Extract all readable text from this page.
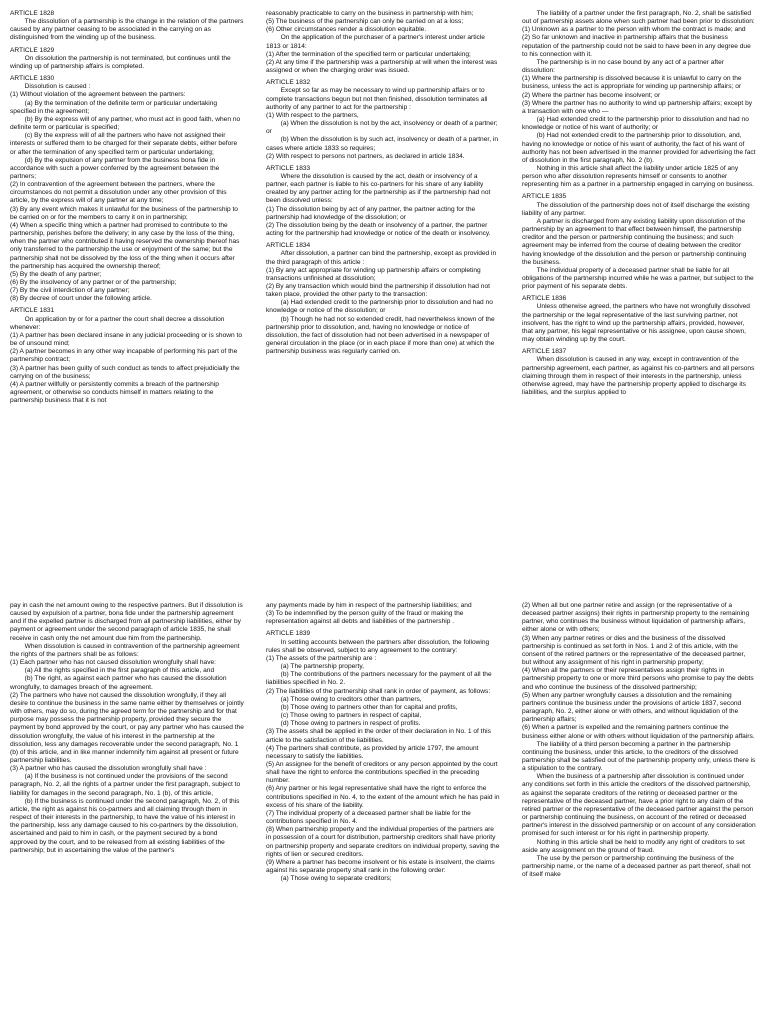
ARTICLE 1828

The dissolution of a partnership is the change in the relation of the partners caused by any partner ceasing to be associated in the carrying on as distinguished from the winding up of the business.

ARTICLE 1829

On dissolution the partnership is not terminated, but continues until the winding up of partnership affairs is completed.

ARTICLE 1830

Dissolution is caused :

(1) Without violation of the agreement between the partners:

(a) By the termination of the definite term or particular undertaking specified in the agreement;

(b) By the express will of any partner, who must act in good faith, when no definite term or particular is specified;

(c) By the express will of all the partners who have not assigned their interests or suffered them to be charged for their separate debts, either before or after the termination of any specified term or particular undertaking;

(d) By the expulsion of any partner from the business bona fide in accordance with such a power conferred by the agreement between the partners;

(2) In contravention of the agreement between the partners, where the circumstances do not permit a dissolution under any other provision of this article, by the express will of any partner at any time;

(3) By any event which makes it unlawful for the business of the partnership to be carried on or for the members to carry it on in partnership;

(4) When a specific thing which a partner had promised to contribute to the partnership, perishes before the delivery; in any case by the loss of the thing, when the partner who contributed it having reserved the ownership thereof has only transferred to the partnership the use or enjoyment of the same; but the partnership shall not be dissolved by the loss of the thing when it occurs after the partnership has acquired the ownership thereof;

(5) By the death of any partner;

(6) By the insolvency of any partner or of the partnership;

(7) By the civil interdiction of any partner;

(8) By decree of court under the following article.

ARTICLE 1831

On application by or for a partner the court shall decree a dissolution whenever:

(1) A partner has been declared insane in any judicial proceeding or is shown to be of unsound mind;

(2) A partner becomes in any other way incapable of performing his part of the partnership contract;

(3) A partner has been guilty of such conduct as tends to affect prejudicially the carrying on of the business;

(4) A partner willfully or persistently commits a breach of the partnership agreement, or otherwise so conducts himself in matters relating to the partnership business that it is not

reasonably practicable to carry on the business in partnership with him;

(5) The business of the partnership can only be carried on at a loss;

(6) Other circumstances render a dissolution equitable.

On the application of the purchaser of a partner's interest under article 1813 or 1814:

(1) After the termination of the specified term or particular undertaking;

(2) At any time if the partnership was a partnership at will when the interest was assigned or when the charging order was issued.

ARTICLE 1832

Except so far as may be necessary to wind up partnership affairs or to complete transactions begun but not then finished, dissolution terminates all authority of any partner to act for the partnership :

(1) With respect to the partners,

(a) When the dissolution is not by the act, insolvency or death of a partner; or

(b) When the dissolution is by such act, insolvency or death of a partner, in cases where article 1833 so requires;

(2) With respect to persons not partners, as declared in article 1834.

ARTICLE 1833

Where the dissolution is caused by the act, death or insolvency of a partner, each partner is liable to his co-partners for his share of any liability created by any partner acting for the partnership as if the partnership had not been dissolved unless:

(1) The dissolution being by act of any partner, the partner acting for the partnership had knowledge of the dissolution; or

(2) The dissolution being by the death or insolvency of a partner, the partner acting for the partnership had knowledge or notice of the death or insolvency.

ARTICLE 1834

After dissolution, a partner can bind the partnership, except as provided in the third paragraph of this article :

(1) By any act appropriate for winding up partnership affairs or completing transactions unfinished at dissolution;

(2) By any transaction which would bind the partnership if dissolution had not taken place, provided the other party to the transaction:

(a) Had extended credit to the partnership prior to dissolution and had no knowledge or notice of the dissolution; or

(b) Though he had not so extended credit, had nevertheless known of the partnership prior to dissolution, and, having no knowledge or notice of dissolution, the fact of dissolution had not been advertised in a newspaper of general circulation in the place (or in each place if more than one) at which the partnership business was regularly carried on.

The liability of a partner under the first paragraph, No. 2, shall be satisfied out of partnership assets alone when such partner had been prior to dissolution:

(1) Unknown as a partner to the person with whom the contract is made; and

(2) So far unknown and inactive in partnership affairs that the business reputation of the partnership could not be said to have been in any degree due to his connection with it.

The partnership is in no case bound by any act of a partner after dissolution:

(1) Where the partnership is dissolved because it is unlawful to carry on the business, unless the act is appropriate for winding up partnership affairs; or

(2) Where the partner has become insolvent; or

(3) Where the partner has no authority to wind up partnership affairs; except by a transaction with one who —

(a) Had extended credit to the partnership prior to dissolution and had no knowledge or notice of his want of authority; or

(b) Had not extended credit to the partnership prior to dissolution, and, having no knowledge or notice of his want of authority, the fact of his want of authority has not been advertised in the manner provided for advertising the fact of dissolution in the first paragraph, No. 2 (b).

Nothing in this article shall affect the liability under article 1825 of any person who after dissolution represents himself or consents to another representing him as a partner in a partnership engaged in carrying on business.

ARTICLE 1835

The dissolution of the partnership does not of itself discharge the existing liability of any partner.

A partner is discharged from any existing liability upon dissolution of the partnership by an agreement to that effect between himself, the partnership creditor and the person or partnership continuing the business; and such agreement may be inferred from the course of dealing between the creditor having knowledge of the dissolution and the person or partnership continuing the business.

The individual property of a deceased partner shall be liable for all obligations of the partnership incurred while he was a partner, but subject to the prior payment of his separate debts.

ARTICLE 1836

Unless otherwise agreed, the partners who have not wrongfully dissolved the partnership or the legal representative of the last surviving partner, not insolvent, has the right to wind up the partnership affairs, provided, however, that any partner, his legal representative or his assignee, upon cause shown, may obtain winding up by the court.

ARTICLE 1837

When dissolution is caused in any way, except in contravention of the partnership agreement, each partner, as against his co-partners and all persons claiming through them in respect of their interests in the partnership, unless otherwise agreed, may have the partnership property applied to discharge its liabilities, and the surplus applied to

pay in cash the net amount owing to the respective partners. But if dissolution is caused by expulsion of a partner, bona fide under the partnership agreement and if the expelled partner is discharged from all partnership liabilities, either by payment or agreement under the second paragraph of article 1835, he shall receive in cash only the net amount due him from the partnership.

When dissolution is caused in contravention of the partnership agreement the rights of the partners shall be as follows:

(1) Each partner who has not caused dissolution wrongfully shall have:

(a) All the rights specified in the first paragraph of this article, and

(b) The right, as against each partner who has caused the dissolution wrongfully, to damages breach of the agreement.

(2) The partners who have not caused the dissolution wrongfully, if they all desire to continue the business in the same name either by themselves or jointly with others, may do so, during the agreed term for the partnership and for that purpose may possess the partnership property, provided they secure the payment by bond approved by the court, or pay any partner who has caused the dissolution wrongfully, the value of his interest in the partnership at the dissolution, less any damages recoverable under the second paragraph, No. 1 (b) of this article, and in like manner indemnify him against all present or future partnership liabilities.

(3) A partner who has caused the dissolution wrongfully shall have :

(a) If the business is not continued under the provisions of the second paragraph, No. 2, all the rights of a partner under the first paragraph, subject to liability for damages in the second paragraph, No. 1 (b), of this article,

(b) If the business is continued under the second paragraph, No. 2, of this article, the right as against his co-partners and all claiming through them in respect of their interests in the partnership, to have the value of his interest in the partnership, less any damage caused to his co-partners by the dissolution, ascertained and paid to him in cash, or the payment secured by a bond approved by the court, and to be released from all existing liabilities of the partnership; but in ascertaining the value of the partner's

any payments made by him in respect of the partnership liabilities; and

(3) To be indemnified by the person guilty of the fraud or making the representation against all debts and liabilities of the partnership .

ARTICLE 1839

In settling accounts between the partners after dissolution, the following rules shall be observed, subject to any agreement to the contrary:

(1) The assets of the partnership are :

(a) The partnership property,

(b) The contributions of the partners necessary for the payment of all the liabilities specified in No. 2.

(2) The liabilities of the partnership shall rank in order of payment, as follows:

(a) Those owing to creditors other than partners,

(b) Those owing to partners other than for capital and profits,

(c) Those owing to partners in respect of capital,

(d) Those owing to partners in respect of profits.

(3) The assets shall be applied in the order of their declaration in No. 1 of this article to the satisfaction of the liabilities.

(4) The partners shall contribute, as provided by article 1797, the amount necessary to satisfy the liabilities.

(5) An assignee for the benefit of creditors or any person appointed by the court shall have the right to enforce the contributions specified in the preceding number.

(6) Any partner or his legal representative shall have the right to enforce the contributions specified in No. 4, to the extent of the amount which he has paid in excess of his share of the liability.

(7) The individual property of a deceased partner shall be liable for the contributions specified in No. 4.

(8) When partnership property and the individual properties of the partners are in possession of a court for distribution, partnership creditors shall have priority on partnership property and separate creditors on individual property, saving the rights of lien or secured creditors.

(9) Where a partner has become insolvent or his estate is insolvent, the claims against his separate property shall rank in the following order:

(a) Those owing to separate creditors;

(2) When all but one partner retire and assign (or the representative of a deceased partner assigns) their rights in partnership property to the remaining partner, who continues the business without liquidation of partnership affairs, either alone or with others;

(3) When any partner retires or dies and the business of the dissolved partnership is continued as set forth in Nos. 1 and 2 of this article, with the consent of the retired partners or the representative of the deceased partner, but without any assignment of his right in partnership property;

(4) When all the partners or their representatives assign their rights in partnership property to one or more third persons who promise to pay the debts and who continue the business of the dissolved partnership;

(5) When any partner wrongfully causes a dissolution and the remaining partners continue the business under the provisions of article 1837, second paragraph, No. 2, either alone or with others, and without liquidation of the partnership affairs;

(6) When a partner is expelled and the remaining partners continue the business either alone or with others without liquidation of the partnership affairs.

The liability of a third person becoming a partner in the partnership continuing the business, under this article, to the creditors of the dissolved partnership shall be satisfied out of the partnership property only, unless there is a stipulation to the contrary.

When the business of a partnership after dissolution is continued under any conditions set forth in this article the creditors of the dissolved partnership, as against the separate creditors of the retiring or deceased partner or the representative of the deceased partner, have a prior right to any claim of the retired partner or the representative of the deceased partner against the person or partnership continuing the business, on account of the retired or deceased partner's interest in the dissolved partnership or on account of any consideration promised for such interest or for his right in partnership property.

Nothing in this article shall be held to modify any right of creditors to set aside any assignment on the ground of fraud.

The use by the person or partnership continuing the business of the partnership name, or the name of a deceased partner as part thereof, shall not of itself make
